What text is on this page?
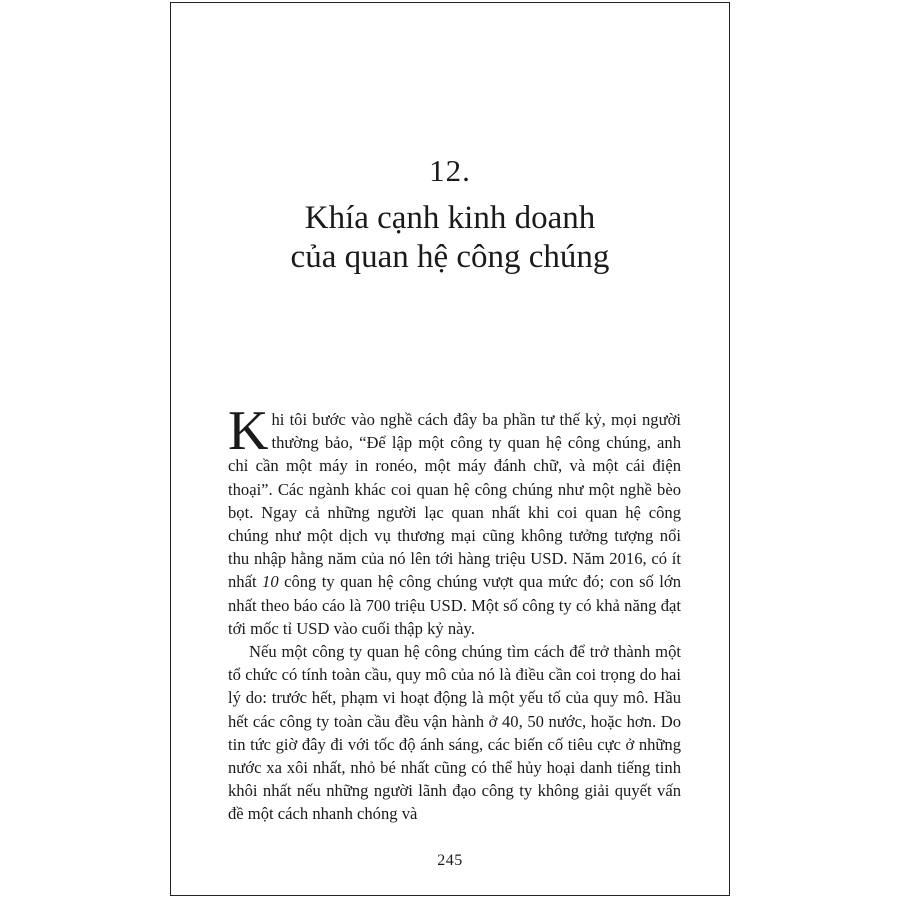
12.
Khía cạnh kinh doanh
của quan hệ công chúng

Khi tôi bước vào nghề cách đây ba phần tư thế kỷ, mọi người thường bảo, “Để lập một công ty quan hệ công chúng, anh chỉ cần một máy in ronéo, một máy đánh chữ, và một cái điện thoại”. Các ngành khác coi quan hệ công chúng như một nghề bèo bọt. Ngay cả những người lạc quan nhất khi coi quan hệ công chúng như một dịch vụ thương mại cũng không tưởng tượng nổi thu nhập hằng năm của nó lên tới hàng triệu USD. Năm 2016, có ít nhất 10 công ty quan hệ công chúng vượt qua mức đó; con số lớn nhất theo báo cáo là 700 triệu USD. Một số công ty có khả năng đạt tới mốc tỉ USD vào cuối thập kỷ này.

Nếu một công ty quan hệ công chúng tìm cách để trở thành một tổ chức có tính toàn cầu, quy mô của nó là điều cần coi trọng do hai lý do: trước hết, phạm vi hoạt động là một yếu tố của quy mô. Hầu hết các công ty toàn cầu đều vận hành ở 40, 50 nước, hoặc hơn. Do tin tức giờ đây đi với tốc độ ánh sáng, các biến cố tiêu cực ở những nước xa xôi nhất, nhỏ bé nhất cũng có thể hủy hoại danh tiếng tinh khôi nhất nếu những người lãnh đạo công ty không giải quyết vấn đề một cách nhanh chóng và

245
